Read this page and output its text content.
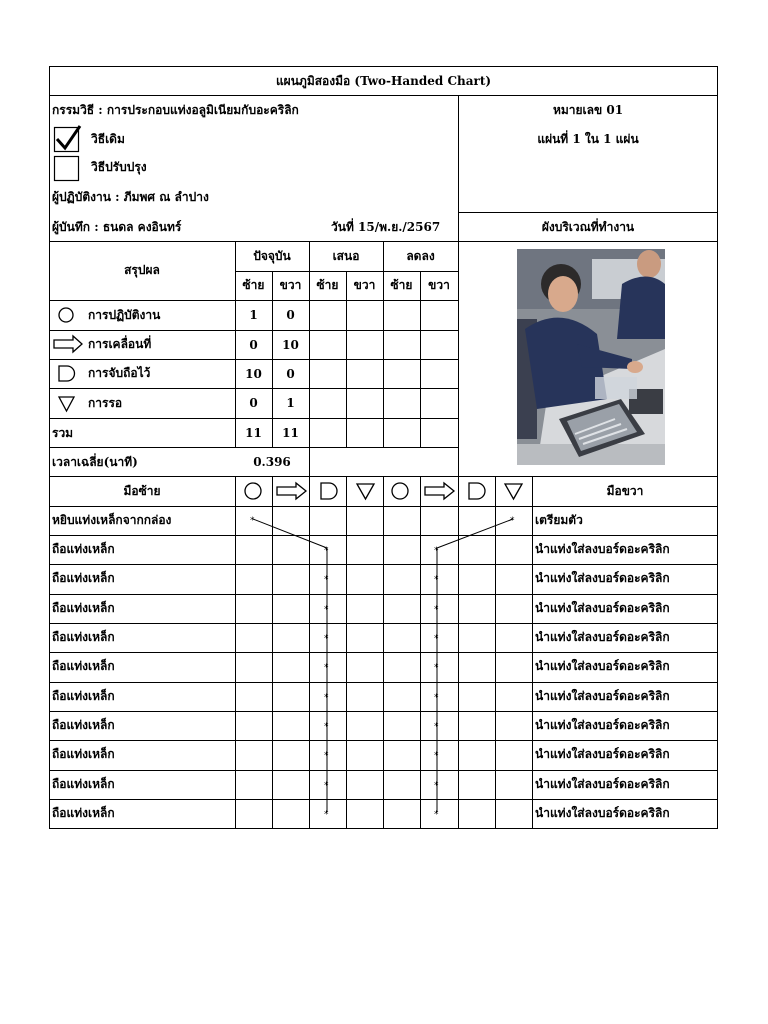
*	*
*	*
*	*
*	*
*	*
*	*
*	*
*	*
*	*
*	*
*	*
แผนภูมิสองมือ (Two-Handed Chart)
กรรมวิธี : การประกอบแท่งอลูมิเนียมกับอะคริลิก
วิธีเดิม
วิธีปรับปรุง
ผู้ปฏิบัติงาน : ภีมพศ ณ ลำปาง
ผู้บันทึก : ธนดล คงอินทร์	วันที่ 15/พ.ย./2567
หมายเลข 01
แผ่นที่ 1 ใน 1 แผ่น
ผังบริเวณที่ทำงาน
สรุปผล
ปัจจุบัน	เสนอ	ลดลง
ซ้าย	ขวา	ซ้าย	ขวา	ซ้าย	ขวา
การปฏิบัติงาน	1	0
การเคลื่อนที่	0	10
การจับถือไว้	10	0
การรอ	0	1
รวม	11	11
เวลาเฉลี่ย(นาที)	0.396
มือซ้าย	มือขวา
หยิบแท่งเหล็กจากกล่อง	เตรียมตัว
ถือแท่งเหล็ก	นำแท่งใส่ลงบอร์ดอะคริลิก
ถือแท่งเหล็ก	นำแท่งใส่ลงบอร์ดอะคริลิก
ถือแท่งเหล็ก	นำแท่งใส่ลงบอร์ดอะคริลิก
ถือแท่งเหล็ก	นำแท่งใส่ลงบอร์ดอะคริลิก
ถือแท่งเหล็ก	นำแท่งใส่ลงบอร์ดอะคริลิก
ถือแท่งเหล็ก	นำแท่งใส่ลงบอร์ดอะคริลิก
ถือแท่งเหล็ก	นำแท่งใส่ลงบอร์ดอะคริลิก
ถือแท่งเหล็ก	นำแท่งใส่ลงบอร์ดอะคริลิก
ถือแท่งเหล็ก	นำแท่งใส่ลงบอร์ดอะคริลิก
ถือแท่งเหล็ก	นำแท่งใส่ลงบอร์ดอะคริลิก
